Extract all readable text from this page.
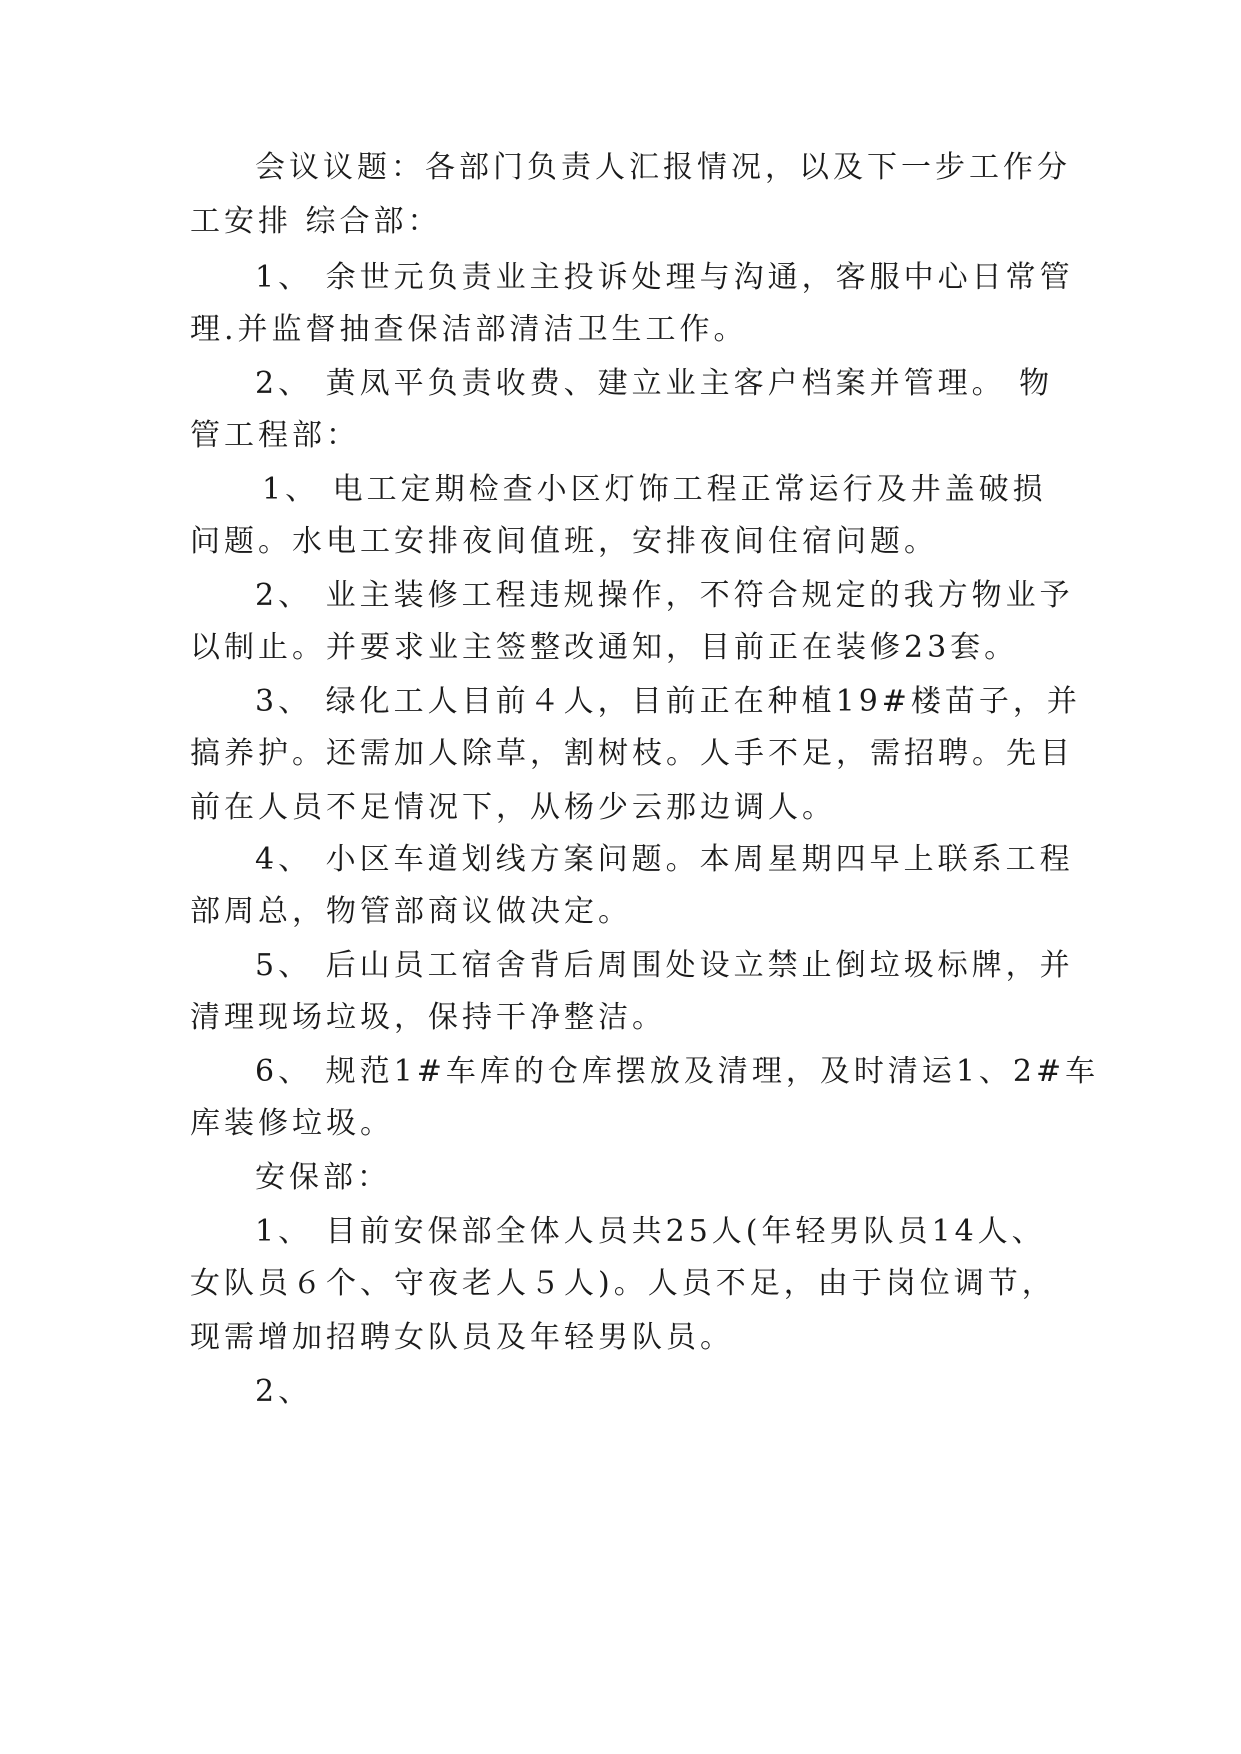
会议议题：各部门负责人汇报情况，以及下一步工作分
工安排 综合部：
1、 余世元负责业主投诉处理与沟通，客服中心日常管
理.并监督抽查保洁部清洁卫生工作。
2、 黄凤平负责收费、建立业主客户档案并管理。 物
管工程部：
1、 电工定期检查小区灯饰工程正常运行及井盖破损
问题。水电工安排夜间值班，安排夜间住宿问题。
2、 业主装修工程违规操作，不符合规定的我方物业予
以制止。并要求业主签整改通知，目前正在装修23套。
3、 绿化工人目前４人，目前正在种植19#楼苗子，并
搞养护。还需加人除草，割树枝。人手不足，需招聘。先目
前在人员不足情况下，从杨少云那边调人。
4、 小区车道划线方案问题。本周星期四早上联系工程
部周总，物管部商议做决定。
5、 后山员工宿舍背后周围处设立禁止倒垃圾标牌，并
清理现场垃圾，保持干净整洁。
6、 规范1#车库的仓库摆放及清理，及时清运1、2#车
库装修垃圾。
安保部：
1、 目前安保部全体人员共25人(年轻男队员14人、
女队员６个、守夜老人５人)。人员不足，由于岗位调节，
现需增加招聘女队员及年轻男队员。
2、
